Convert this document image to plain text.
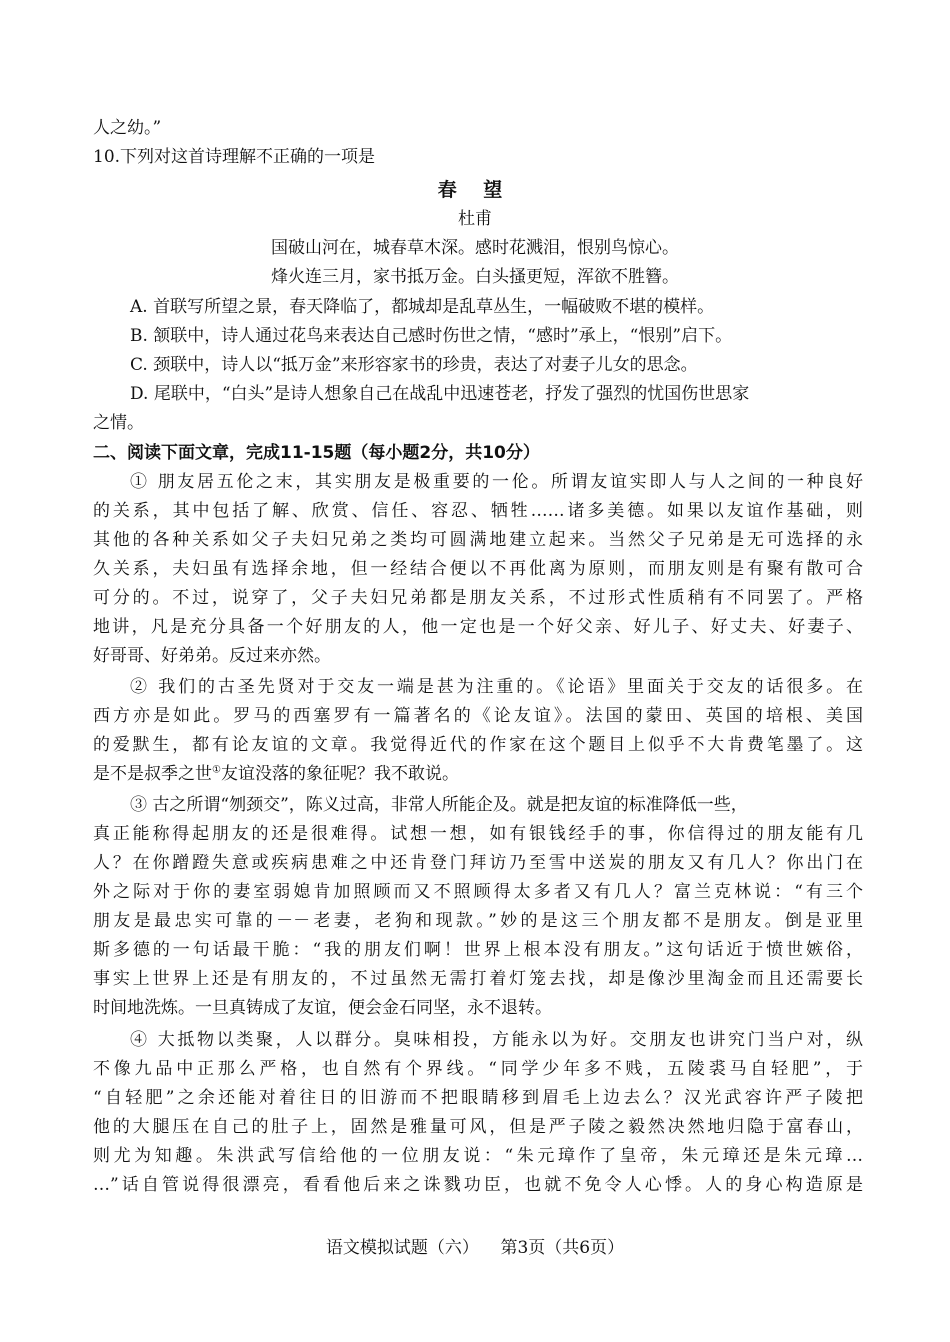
人之幼。”
10.下列对这首诗理解不正确的一项是
春 望
杜甫
国破山河在，城春草木深。感时花溅泪，恨别鸟惊心。
烽火连三月，家书抵万金。白头搔更短，浑欲不胜簪。
A. 首联写所望之景，春天降临了，都城却是乱草丛生，一幅破败不堪的模样。
B. 颔联中，诗人通过花鸟来表达自己感时伤世之情，“感时”承上，“恨别”启下。
C. 颈联中，诗人以“抵万金”来形容家书的珍贵，表达了对妻子儿女的思念。
D. 尾联中，“白头”是诗人想象自己在战乱中迅速苍老，抒发了强烈的忧国伤世思家
之情。
二、阅读下面文章，完成11-15题（每小题2分，共10分）
① 朋友居五伦之末，其实朋友是极重要的一伦。所谓友谊实即人与人之间的一种良好
的关系，其中包括了解、欣赏、信任、容忍、牺牲……诸多美德。如果以友谊作基础，则
其他的各种关系如父子夫妇兄弟之类均可圆满地建立起来。当然父子兄弟是无可选择的永
久关系，夫妇虽有选择余地，但一经结合便以不再仳离为原则，而朋友则是有聚有散可合
可分的。不过，说穿了，父子夫妇兄弟都是朋友关系，不过形式性质稍有不同罢了。严格
地讲，凡是充分具备一个好朋友的人，他一定也是一个好父亲、好儿子、好丈夫、好妻子、
好哥哥、好弟弟。反过来亦然。
② 我们的古圣先贤对于交友一端是甚为注重的。《论语》里面关于交友的话很多。在
西方亦是如此。罗马的西塞罗有一篇著名的《论友谊》。法国的蒙田、英国的培根、美国
的爱默生，都有论友谊的文章。我觉得近代的作家在这个题目上似乎不大肯费笔墨了。这
是不是叔季之世①友谊没落的象征呢？我不敢说。
③ 古之所谓“刎颈交”，陈义过高，非常人所能企及。就是把友谊的标准降低一些，
真正能称得起朋友的还是很难得。试想一想，如有银钱经手的事，你信得过的朋友能有几
人？在你蹭蹬失意或疾病患难之中还肯登门拜访乃至雪中送炭的朋友又有几人？你出门在
外之际对于你的妻室弱媳肯加照顾而又不照顾得太多者又有几人？富兰克林说：“有三个
朋友是最忠实可靠的－－老妻，老狗和现款。”妙的是这三个朋友都不是朋友。倒是亚里
斯多德的一句话最干脆：“我的朋友们啊！世界上根本没有朋友。”这句话近于愤世嫉俗，
事实上世界上还是有朋友的，不过虽然无需打着灯笼去找，却是像沙里淘金而且还需要长
时间地洗炼。一旦真铸成了友谊，便会金石同坚，永不退转。
④ 大抵物以类聚，人以群分。臭味相投，方能永以为好。交朋友也讲究门当户对，纵
不像九品中正那么严格，也自然有个界线。“同学少年多不贱，五陵裘马自轻肥”，于
“自轻肥”之余还能对着往日的旧游而不把眼睛移到眉毛上边去么？汉光武容许严子陵把
他的大腿压在自己的肚子上，固然是雅量可风，但是严子陵之毅然决然地归隐于富春山，
则尤为知趣。朱洪武写信给他的一位朋友说：“朱元璋作了皇帝，朱元璋还是朱元璋…
…”话自管说得很漂亮，看看他后来之诛戮功臣，也就不免令人心悸。人的身心构造原是
语文模拟试题（六）    第3页（共6页）
